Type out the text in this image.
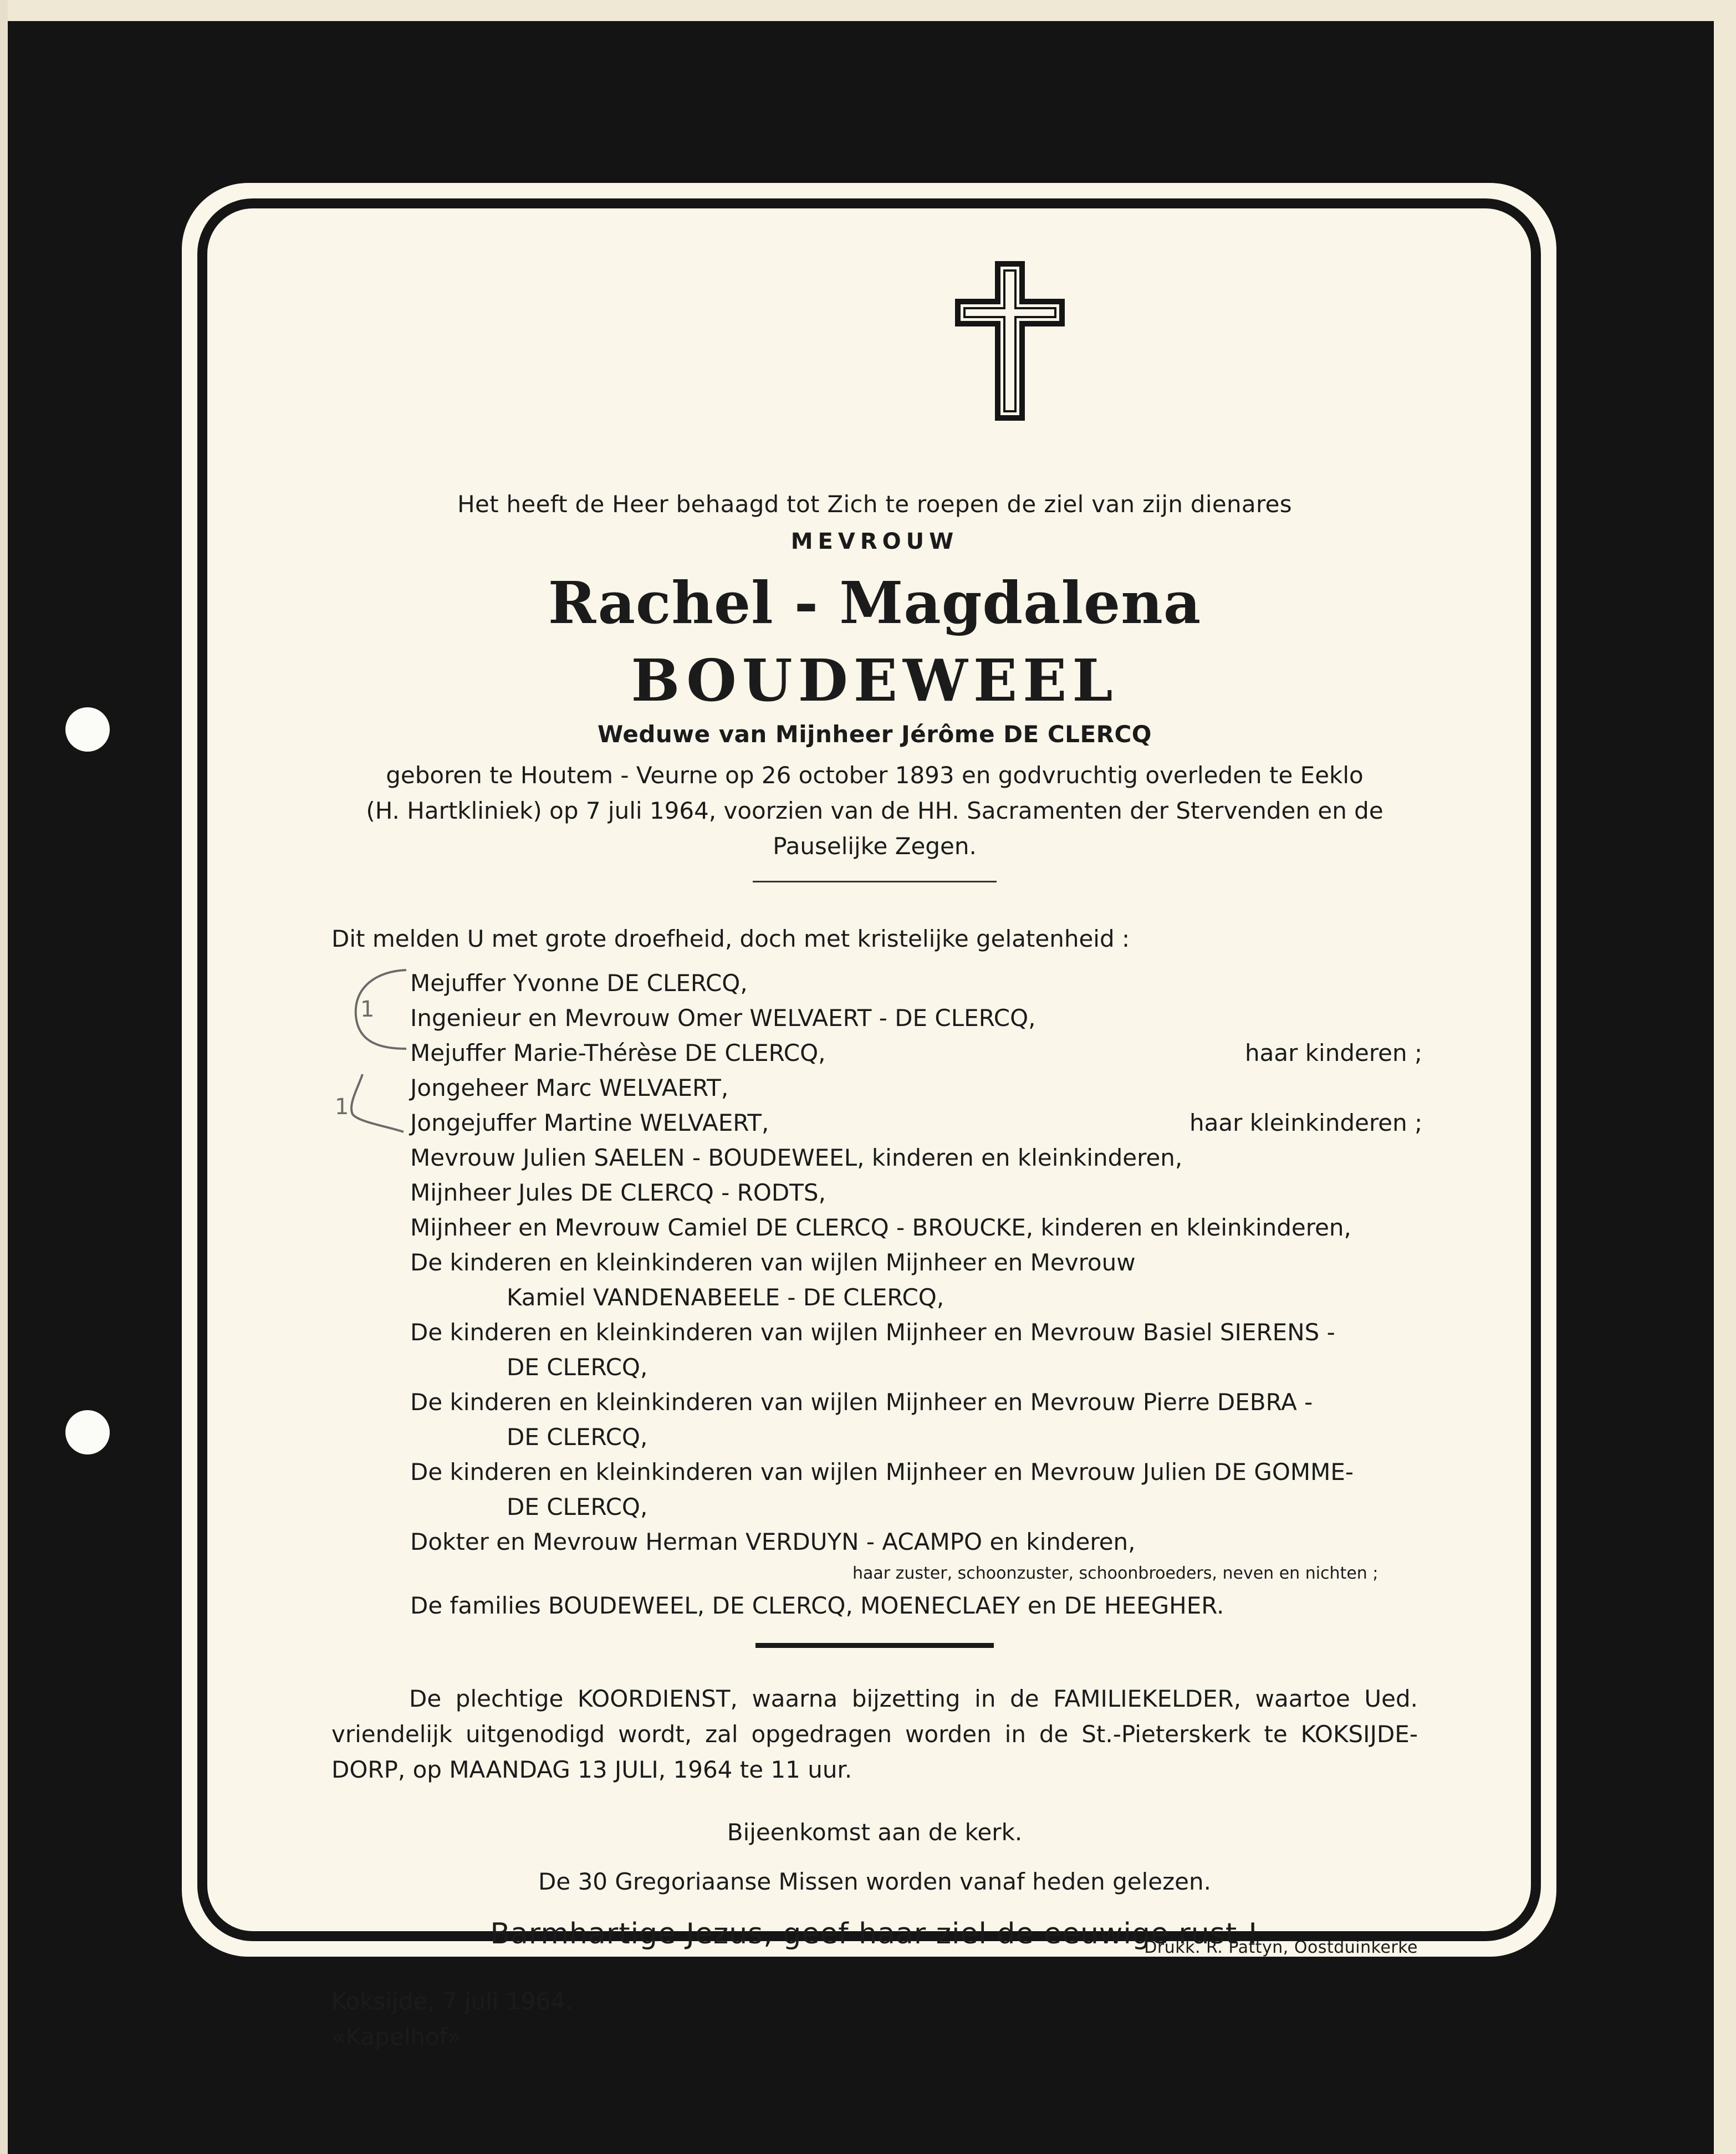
Het heeft de Heer behaagd tot Zich te roepen de ziel van zijn dienares
MEVROUW
Rachel - Magdalena BOUDEWEEL
Weduwe van Mijnheer Jérôme DE CLERCQ
geboren te Houtem - Veurne op 26 october 1893 en godvruchtig overleden te Eeklo
(H. Hartkliniek) op 7 juli 1964, voorzien van de HH. Sacramenten der Stervenden en de
Pauselijke Zegen.
Dit melden U met grote droefheid, doch met kristelijke gelatenheid :
1
1
Mejuffer Yvonne DE CLERCQ,
Ingenieur en Mevrouw Omer WELVAERT - DE CLERCQ,
Mejuffer Marie-Thérèse DE CLERCQ,	haar kinderen ;
Jongeheer Marc WELVAERT,
Jongejuffer Martine WELVAERT,	haar kleinkinderen ;
Mevrouw Julien SAELEN - BOUDEWEEL, kinderen en kleinkinderen,
Mijnheer Jules DE CLERCQ - RODTS,
Mijnheer en Mevrouw Camiel DE CLERCQ - BROUCKE, kinderen en kleinkinderen,
De kinderen en kleinkinderen van wijlen Mijnheer en Mevrouw
Kamiel VANDENABEELE - DE CLERCQ,
De kinderen en kleinkinderen van wijlen Mijnheer en Mevrouw Basiel SIERENS -
DE CLERCQ,
De kinderen en kleinkinderen van wijlen Mijnheer en Mevrouw Pierre DEBRA -
DE CLERCQ,
De kinderen en kleinkinderen van wijlen Mijnheer en Mevrouw Julien DE GOMME-
DE CLERCQ,
Dokter en Mevrouw Herman VERDUYN - ACAMPO en kinderen,
haar zuster, schoonzuster, schoonbroeders, neven en nichten ;
De families BOUDEWEEL, DE CLERCQ, MOENECLAEY en DE HEEGHER.

De plechtige KOORDIENST, waarna bijzetting in de FAMILIEKELDER, waartoe Ued. vriendelijk uitgenodigd wordt, zal opgedragen worden in de St.-Pieterskerk te KOKSIJDE-DORP, op MAANDAG 13 JULI, 1964 te 11 uur.

Bijeenkomst aan de kerk.
De 30 Gregoriaanse Missen worden vanaf heden gelezen.
Barmhartige Jezus, geef haar ziel de eeuwige rust !
Koksijde, 7 juli 1964.
«Kapelhof»
Drukk. R. Pattyn, Oostduinkerke
